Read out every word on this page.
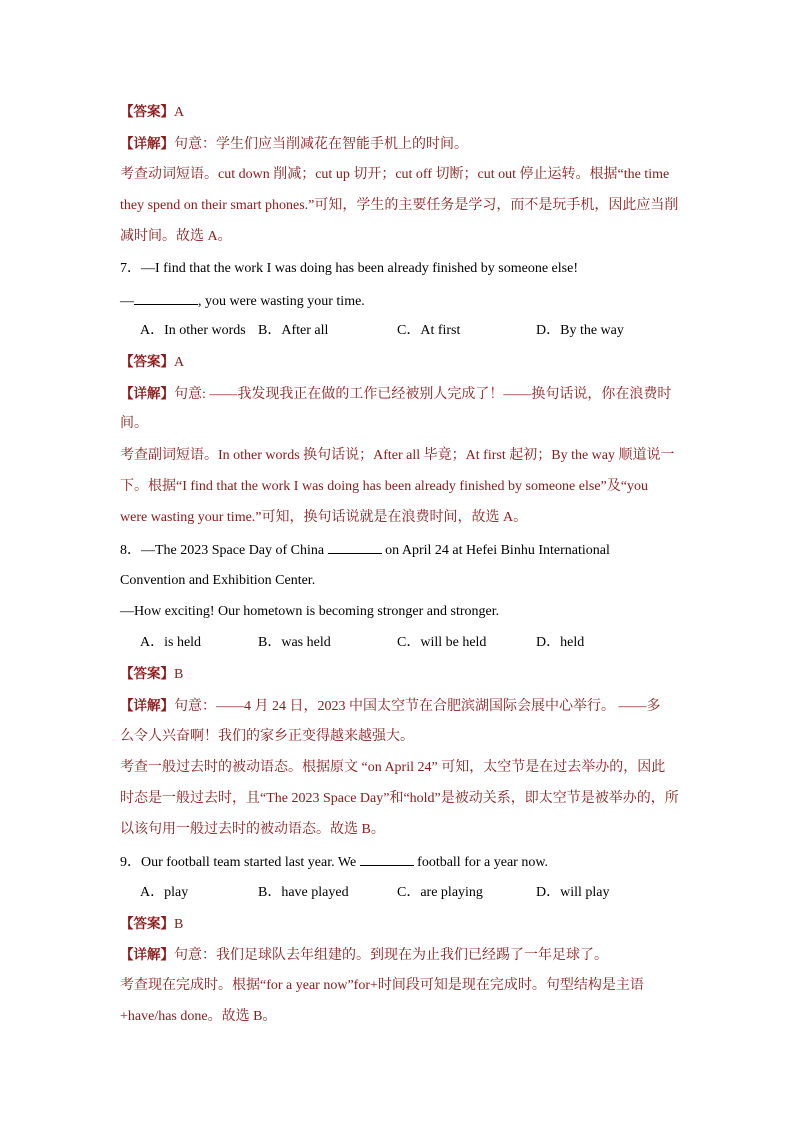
【答案】A
【详解】句意：学生们应当削减花在智能手机上的时间。
考查动词短语。cut down 削减；cut up 切开；cut off 切断；cut out 停止运转。根据“the time
they spend on their smart phones.”可知，学生的主要任务是学习，而不是玩手机，因此应当削
减时间。故选 A。
7．—I find that the work I was doing has been already finished by someone else!
—	, you were wasting your time.
A．In other words B．After all	C．At first	D．By the way
【答案】A
【详解】句意: ——我发现我正在做的工作已经被别人完成了！——换句话说，你在浪费时
间。
考查副词短语。In other words 换句话说；After all 毕竟；At first 起初；By the way 顺道说一
下。根据“I find that the work I was doing has been already finished by someone else”及“you
were wasting your time.”可知，换句话说就是在浪费时间，故选 A。
8．—The 2023 Space Day of China	on April 24 at Hefei Binhu International
Convention and Exhibition Center.
—How exciting! Our hometown is becoming stronger and stronger.
A．is held	B．was held	C．will be held	D．held
【答案】B
【详解】句意：——4 月 24 日，2023 中国太空节在合肥滨湖国际会展中心举行。 ——多
么令人兴奋啊！我们的家乡正变得越来越强大。
考查一般过去时的被动语态。根据原文 “on April 24” 可知，太空节是在过去举办的，因此
时态是一般过去时，且“The 2023 Space Day”和“hold”是被动关系，即太空节是被举办的，所
以该句用一般过去时的被动语态。故选 B。
9．Our football team started last year. We	football for a year now.
A．play	B．have played	C．are playing	D．will play
【答案】B
【详解】句意：我们足球队去年组建的。到现在为止我们已经踢了一年足球了。
考查现在完成时。根据“for a year now”for+时间段可知是现在完成时。句型结构是主语
+have/has done。故选 B。
